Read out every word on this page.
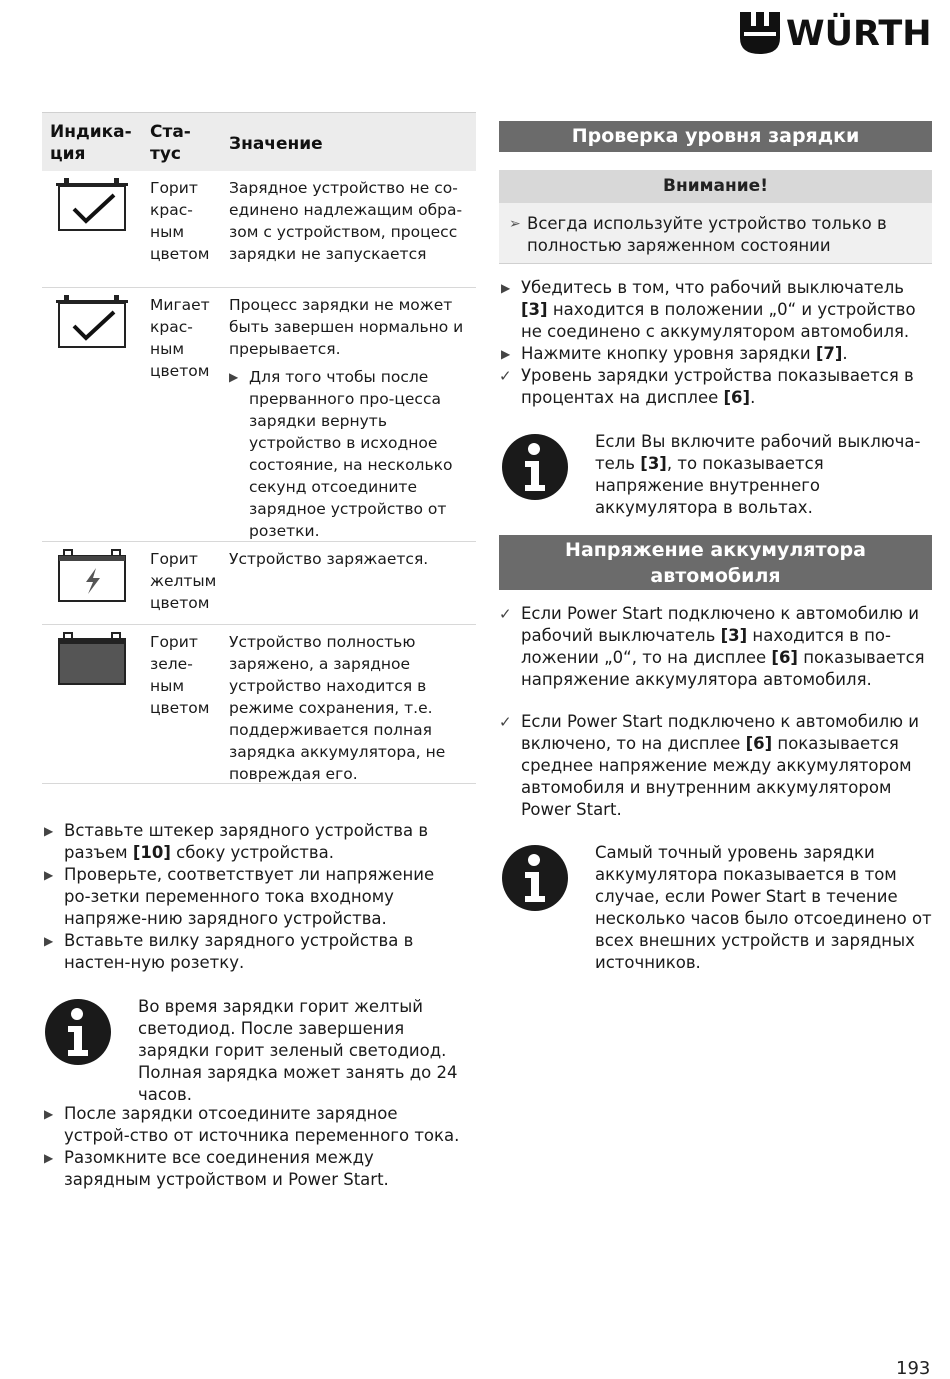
WÜRTH
Индика-
ция
Ста-
тус	Значение
Горит
крас-
ным
цветом
Зарядное устройство не со-единено надлежащим обра-зом с устройством, процесс зарядки не запускается
Мигает
крас-
ным
цветом
Процесс зарядки не может быть завершен нормально и прерывается.
▶ Для того чтобы после прерванного про-цесса зарядки вернуть устройство в исходное состояние, на несколько секунд отсоедините зарядное устройство от розетки.
Горит
желтым
цветом
Устройство заряжается.
Горит
зеле-
ным
цветом
Устройство полностью заряжено, а зарядное устройство находится в режиме сохранения, т.е. поддерживается полная зарядка аккумулятора, не повреждая его.
▶ Вставьте штекер зарядного устройства в разъем [10] сбоку устройства.
▶ Проверьте, соответствует ли напряжение ро-зетки переменного тока входному напряже-нию зарядного устройства.
▶ Вставьте вилку зарядного устройства в настен-ную розетку.
Во время зарядки горит желтый светодиод. После завершения зарядки горит зеленый светодиод. Полная зарядка может занять до 24 часов.
▶ После зарядки отсоедините зарядное устрой-ство от источника переменного тока.
▶ Разомкните все соединения между зарядным устройством и Power Start.
Проверка уровня зарядки
Внимание!
➢ Всегда используйте устройство только в полностью заряженном состоянии
▶ Убедитесь в том, что рабочий выключатель [3] находится в положении „0“ и устройство не соединено с аккумулятором автомобиля.
▶ Нажмите кнопку уровня зарядки [7].
✓ Уровень зарядки устройства показывается в процентах на дисплее [6].
Если Вы включите рабочий выключа-тель [3], то показывается напряжение внутреннего аккумулятора в вольтах.
Напряжение аккумулятора автомобиля
✓ Если Power Start подключено к автомобилю и рабочий выключатель [3] находится в по-ложении „0“, то на дисплее [6] показывается напряжение аккумулятора автомобиля.
✓ Если Power Start подключено к автомобилю и включено, то на дисплее [6] показывается среднее напряжение между аккумулятором автомобиля и внутренним аккумулятором Power Start.
Самый точный уровень зарядки аккумулятора показывается в том случае, если Power Start в течение несколько часов было отсоединено от всех внешних устройств и зарядных источников.
193
